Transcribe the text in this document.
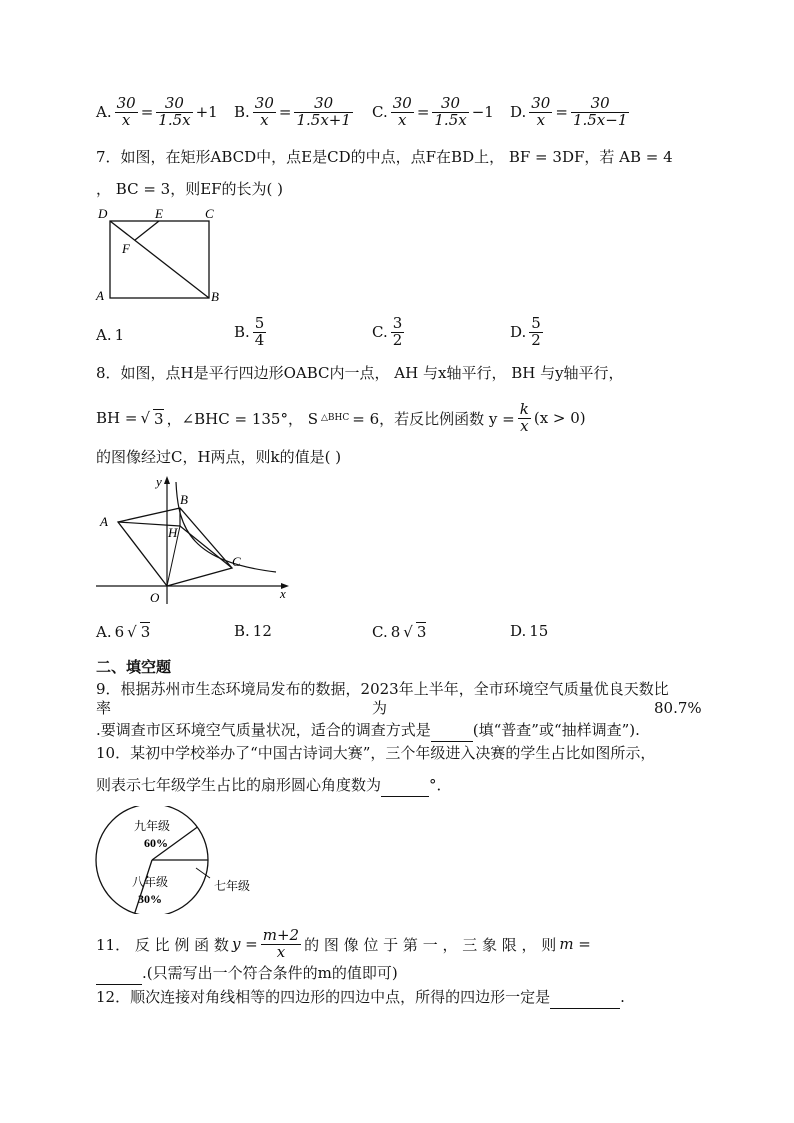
A. $\frac{30}{x} = \frac{30}{1.5x} +1$ B. $\frac{30}{x} = \frac{30}{1.5x+1} C$. $\frac{30}{x} = \frac{30}{1.5x} -1$ D. $\frac{30}{x} = \frac{30}{1.5x-1}$
7．如图，在矩形ABCD中，点E是CD的中点，点F在BD上， BF = 3DF，若 AB = 4
， BC = 3，则EF的长为( )
D	E	C
F
A	B
A. 1	B. $\frac{5}{4}$	C. $\frac{3}{2}$	D. $\frac{5}{2}$
8．如图，点H是平行四边形OABC内一点， AH 与x轴平行， BH 与y轴平行，
BH = √ 3 ，∠BHC = 135°， S △BHC = 6，若反比例函数 $y = \frac{k}{x} (x > 0)$
的图像经过C，H两点，则k的值是( )
y
B
A
H
C
O	x
A. 6 √ 3	B. 12	C. 8 √ 3	D. 15
二、填空题
9．根据苏州市生态环境局发布的数据，2023年上半年，全市环境空气质量优良天数比
率	为	80.7%
.要调查市区环境空气质量状况，适合的调查方式是	(填“普查”或“抽样调查”).
10．某初中学校举办了“中国古诗词大赛”，三个年级进入决赛的学生占比如图所示，
则表示七年级学生占比的扇形圆心角度数为	°．
九年级
60%
八年级
30%
七年级
11． 反 比 例 函 数 $y = \frac{m+2}{x}$ 的 图 像 位 于 第 一 ， 三 象 限 ， 则 m =
.(只需写出一个符合条件的m的值即可)
12．顺次连接对角线相等的四边形的四边中点，所得的四边形一定是	.
